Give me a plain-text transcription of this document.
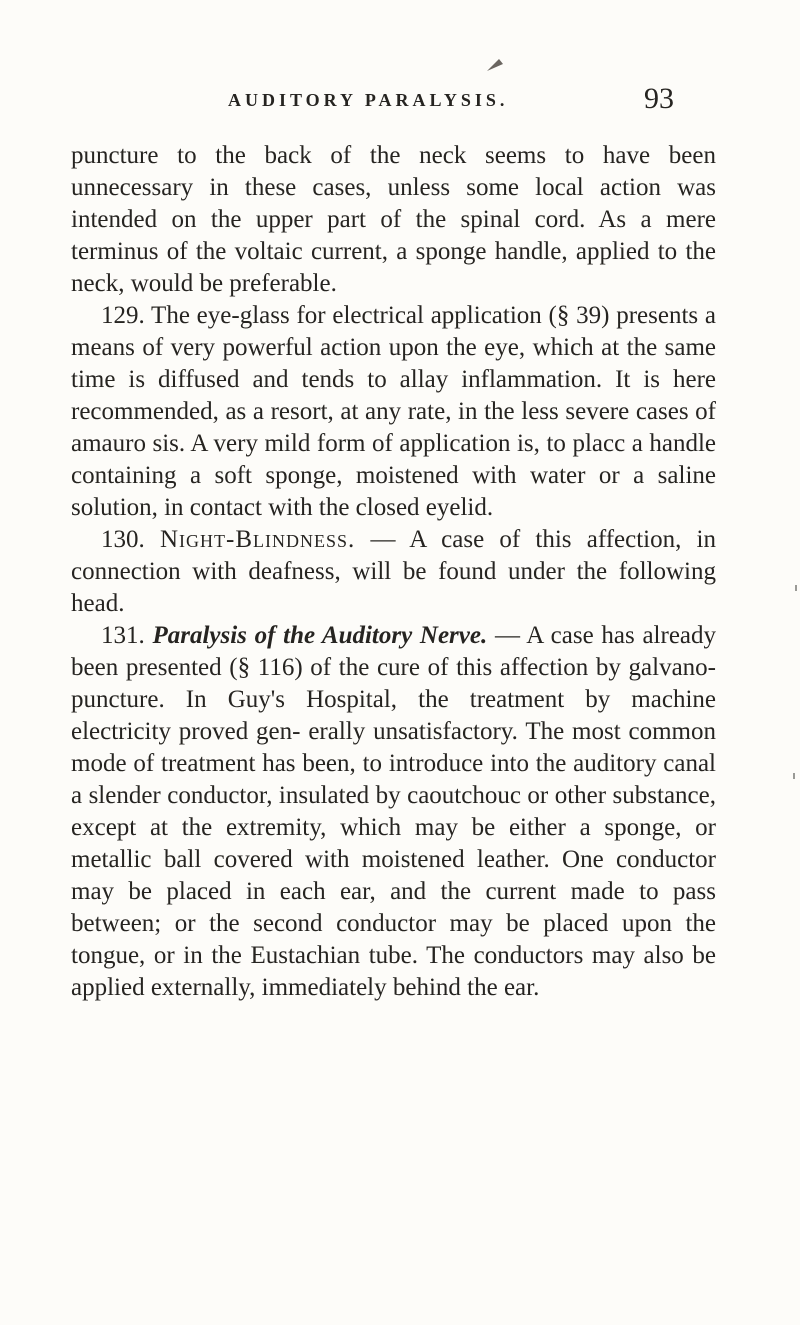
AUDITORY PARALYSIS.	93

puncture to the back of the neck seems to have been unnecessary in these cases, unless some local action was intended on the upper part of the spinal cord. As a mere terminus of the voltaic current, a sponge handle, applied to the neck, would be preferable.

129. The eye-glass for electrical application (§ 39) presents a means of very powerful action upon the eye, which at the same time is diffused and tends to allay inflammation. It is here recommended, as a resort, at any rate, in the less severe cases of amauro sis. A very mild form of application is, to placc a handle containing a soft sponge, moistened with water or a saline solution, in contact with the closed eyelid.

130. Night-Blindness. — A case of this affection, in connection with deafness, will be found under the following head.

131. Paralysis of the Auditory Nerve. — A case has already been presented (§ 116) of the cure of this affection by galvano-puncture. In Guy's Hospital, the treatment by machine electricity proved gen- erally unsatisfactory. The most common mode of treatment has been, to introduce into the auditory canal a slender conductor, insulated by caoutchouc or other substance, except at the extremity, which may be either a sponge, or metallic ball covered with moistened leather. One conductor may be placed in each ear, and the current made to pass between; or the second conductor may be placed upon the tongue, or in the Eustachian tube. The conductors may also be applied externally, immediately behind the ear.
